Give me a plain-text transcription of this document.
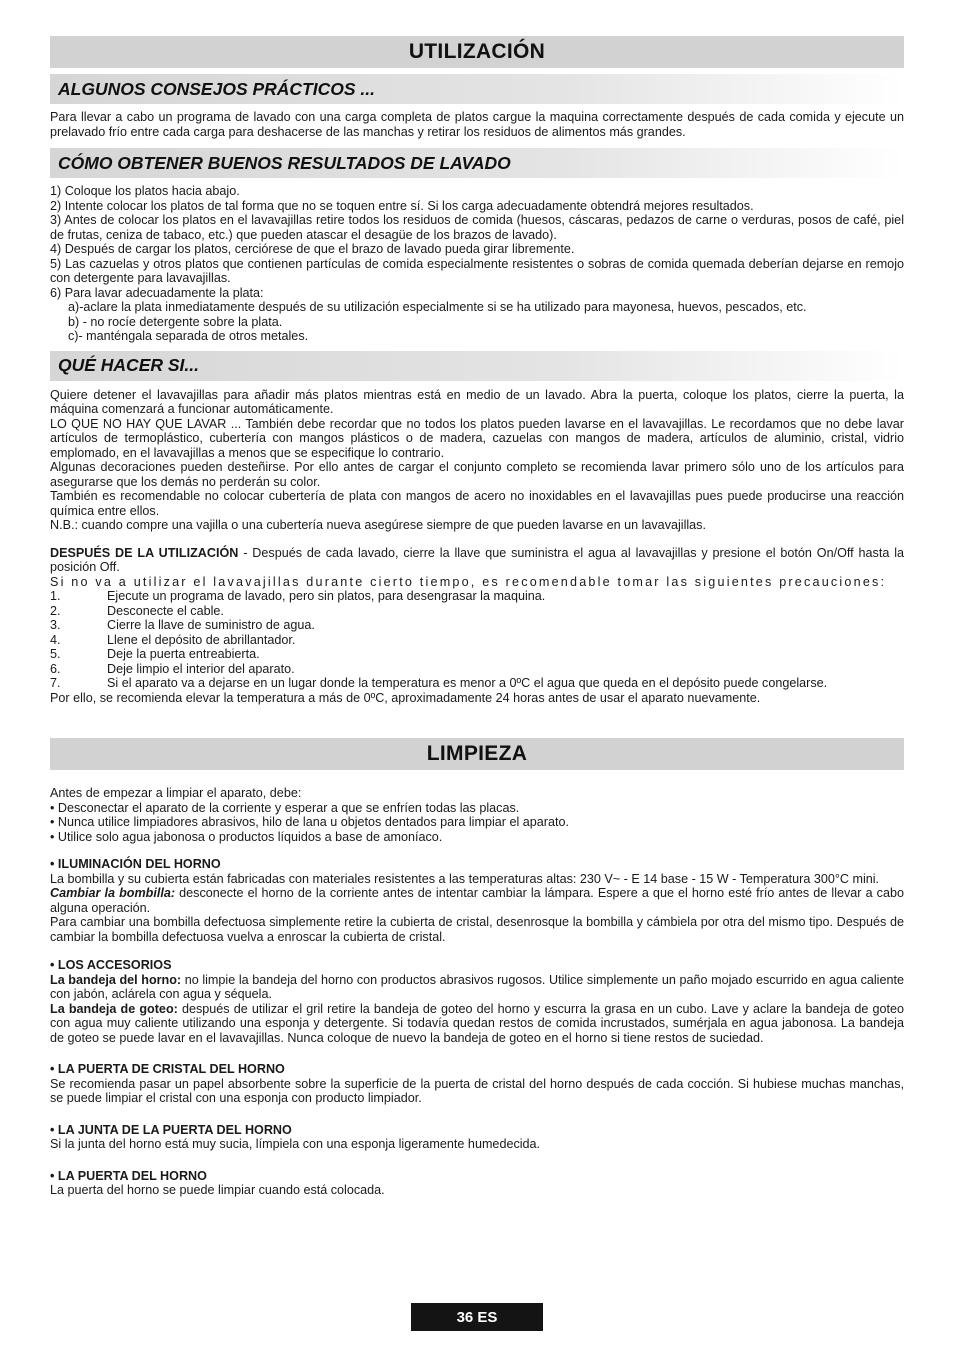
UTILIZACIÓN
ALGUNOS CONSEJOS PRÁCTICOS ...

Para llevar a cabo un programa de lavado con una carga completa de platos cargue la maquina correctamente después de cada comida y ejecute un prelavado frío entre cada carga para deshacerse de las manchas y retirar los residuos de alimentos más grandes.

CÓMO OBTENER BUENOS RESULTADOS DE LAVADO

1) Coloque los platos hacia abajo.

2) Intente colocar los platos de tal forma que no se toquen entre sí. Si los carga adecuadamente obtendrá mejores resultados.

3) Antes de colocar los platos en el lavavajillas retire todos los residuos de comida (huesos, cáscaras, pedazos de carne o verduras, posos de café, piel de frutas, ceniza de tabaco, etc.) que pueden atascar el desagüe de los brazos de lavado).

4) Después de cargar los platos, cerciórese de que el brazo de lavado pueda girar libremente.

5) Las cazuelas y otros platos que contienen partículas de comida especialmente resistentes o sobras de comida quemada deberían dejarse en remojo con detergente para lavavajillas.

6) Para lavar adecuadamente la plata:

a)-aclare la plata inmediatamente después de su utilización especialmente si se ha utilizado para mayonesa, huevos, pescados, etc.

b) - no rocíe detergente sobre la plata.

c)- manténgala separada de otros metales.

QUÉ HACER SI...

Quiere detener el lavavajillas para añadir más platos mientras está en medio de un lavado. Abra la puerta, coloque los platos, cierre la puerta, la máquina comenzará a funcionar automáticamente.

LO QUE NO HAY QUE LAVAR ... También debe recordar que no todos los platos pueden lavarse en el lavavajillas. Le recordamos que no debe lavar artículos de termoplástico, cubertería con mangos plásticos o de madera, cazuelas con mangos de madera, artículos de aluminio, cristal, vidrio emplomado, en el lavavajillas a menos que se especifique lo contrario.

Algunas decoraciones pueden desteñirse. Por ello antes de cargar el conjunto completo se recomienda lavar primero sólo uno de los artículos para asegurarse que los demás no perderán su color.

También es recomendable no colocar cubertería de plata con mangos de acero no inoxidables en el lavavajillas pues puede producirse una reacción química entre ellos.

N.B.: cuando compre una vajilla o una cubertería nueva asegúrese siempre de que pueden lavarse en un lavavajillas.

DESPUÉS DE LA UTILIZACIÓN - Después de cada lavado, cierre la llave que suministra el agua al lavavajillas y presione el botón On/Off hasta la posición Off.

Si no va a utilizar el lavavajillas durante cierto tiempo, es recomendable tomar las siguientes precauciones:

1.	Ejecute un programa de lavado, pero sin platos, para desengrasar la maquina.
2.	Desconecte el cable.
3.	Cierre la llave de suministro de agua.
4.	Llene el depósito de abrillantador.
5.	Deje la puerta entreabierta.
6.	Deje limpio el interior del aparato.
7.	Si el aparato va a dejarse en un lugar donde la temperatura es menor a 0ºC el agua que queda en el depósito puede congelarse.

Por ello, se recomienda elevar la temperatura a más de 0ºC, aproximadamente 24 horas antes de usar el aparato nuevamente.

LIMPIEZA

Antes de empezar a limpiar el aparato, debe:

• Desconectar el aparato de la corriente y esperar a que se enfríen todas las placas.

• Nunca utilice limpiadores abrasivos, hilo de lana u objetos dentados para limpiar el aparato.

• Utilice solo agua jabonosa o productos líquidos a base de amoníaco.

• ILUMINACIÓN DEL HORNO

La bombilla y su cubierta están fabricadas con materiales resistentes a las temperaturas altas: 230 V~ - E 14 base - 15 W - Temperatura 300°C mini.

Cambiar la bombilla: desconecte el horno de la corriente antes de intentar cambiar la lámpara. Espere a que el horno esté frío antes de llevar a cabo alguna operación.

Para cambiar una bombilla defectuosa simplemente retire la cubierta de cristal, desenrosque la bombilla y cámbiela por otra del mismo tipo. Después de cambiar la bombilla defectuosa vuelva a enroscar la cubierta de cristal.

• LOS ACCESORIOS

La bandeja del horno: no limpie la bandeja del horno con productos abrasivos rugosos. Utilice simplemente un paño mojado escurrido en agua caliente con jabón, aclárela con agua y séquela.

La bandeja de goteo: después de utilizar el gril retire la bandeja de goteo del horno y escurra la grasa en un cubo. Lave y aclare la bandeja de goteo con agua muy caliente utilizando una esponja y detergente. Si todavía quedan restos de comida incrustados, sumérjala en agua jabonosa. La bandeja de goteo se puede lavar en el lavavajillas. Nunca coloque de nuevo la bandeja de goteo en el horno si tiene restos de suciedad.

• LA PUERTA DE CRISTAL DEL HORNO

Se recomienda pasar un papel absorbente sobre la superficie de la puerta de cristal del horno después de cada cocción. Si hubiese muchas manchas, se puede limpiar el cristal con una esponja con producto limpiador.

• LA JUNTA DE LA PUERTA DEL HORNO

Si la junta del horno está muy sucia, límpiela con una esponja ligeramente humedecida.

• LA PUERTA DEL HORNO

La puerta del horno se puede limpiar cuando está colocada.

36 ES
